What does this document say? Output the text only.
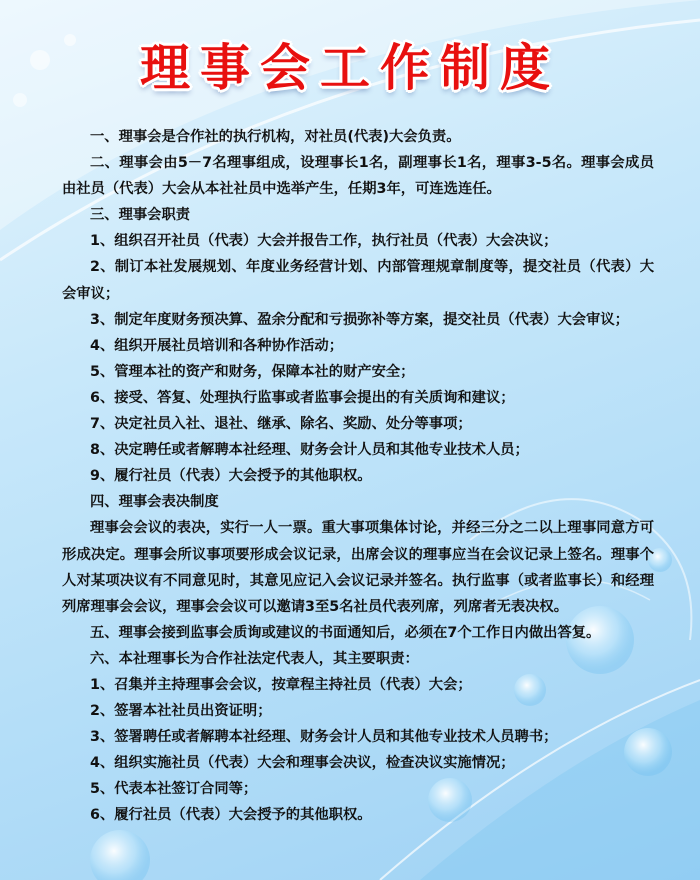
理事会工作制度

一、理事会是合作社的执行机构，对社员(代表)大会负责。

二、理事会由5－7名理事组成，设理事长1名，副理事长1名，理事3-5名。理事会成员由社员（代表）大会从本社社员中选举产生，任期3年，可连选连任。

三、理事会职责

1、组织召开社员（代表）大会并报告工作，执行社员（代表）大会决议；

2、制订本社发展规划、年度业务经营计划、内部管理规章制度等，提交社员（代表）大会审议；

3、制定年度财务预决算、盈余分配和亏损弥补等方案，提交社员（代表）大会审议；

4、组织开展社员培训和各种协作活动；

5、管理本社的资产和财务，保障本社的财产安全；

6、接受、答复、处理执行监事或者监事会提出的有关质询和建议；

7、决定社员入社、退社、继承、除名、奖励、处分等事项；

8、决定聘任或者解聘本社经理、财务会计人员和其他专业技术人员；

9、履行社员（代表）大会授予的其他职权。

四、理事会表决制度

理事会会议的表决，实行一人一票。重大事项集体讨论，并经三分之二以上理事同意方可形成决定。理事会所议事项要形成会议记录，出席会议的理事应当在会议记录上签名。理事个人对某项决议有不同意见时，其意见应记入会议记录并签名。执行监事（或者监事长）和经理列席理事会会议，理事会会议可以邀请3至5名社员代表列席，列席者无表决权。

五、理事会接到监事会质询或建议的书面通知后，必须在7个工作日内做出答复。

六、本社理事长为合作社法定代表人，其主要职责：

1、召集并主持理事会会议，按章程主持社员（代表）大会；

2、签署本社社员出资证明；

3、签署聘任或者解聘本社经理、财务会计人员和其他专业技术人员聘书；

4、组织实施社员（代表）大会和理事会决议，检查决议实施情况；

5、代表本社签订合同等；

6、履行社员（代表）大会授予的其他职权。
